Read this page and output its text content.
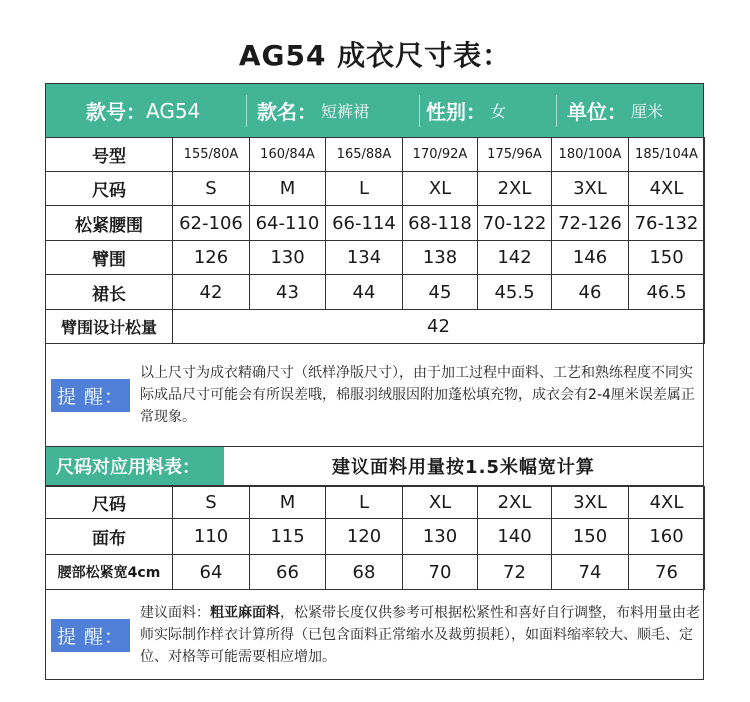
AG54 成衣尺寸表：
款号： AG54	款名： 短裤裙	性别： 女	单位： 厘米
号型	155/80A	160/84A	165/88A	170/92A	175/96A	180/100A	185/104A
尺码	S	M	L	XL	2XL	3XL	4XL
松紧腰围	62-106	64-110	66-114	68-118	70-122	72-126	76-132
臂围	126	130	134	138	142	146	150
裙长	42	43	44	45	45.5	46	46.5
臂围设计松量	42						
提 醒：
以上尺寸为成衣精确尺寸（纸样净版尺寸），由于加工过程中面料、工艺和熟练程度不同实际成品尺寸可能会有所误差哦，棉服羽绒服因附加蓬松填充物，成衣会有2-4厘米误差属正常现象。
尺码对应用料表：	建议面料用量按1.5米幅宽计算
尺码	S	M	L	XL	2XL	3XL	4XL
面布	110	115	120	130	140	150	160
腰部松紧宽4cm	64	66	68	70	72	74	76
提 醒：
建议面料：粗亚麻面料，松紧带长度仅供参考可根据松紧性和喜好自行调整，布料用量由老师实际制作样衣计算所得（已包含面料正常缩水及裁剪损耗），如面料缩率较大、顺毛、定位、对格等可能需要相应增加。
